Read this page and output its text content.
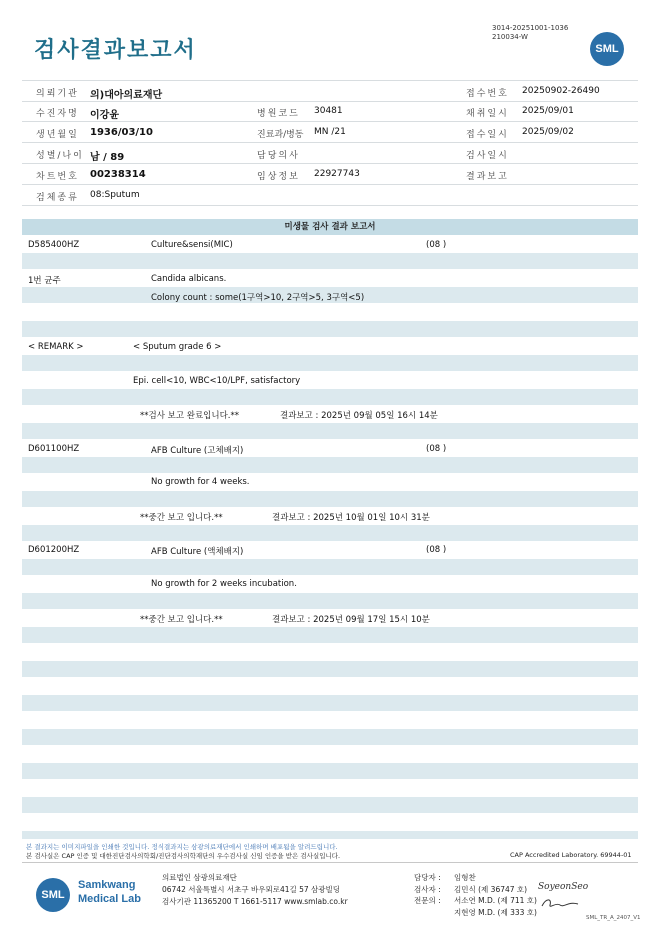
검사결과보고서
3014-20251001-1036
210034-W
SML
의뢰기관 의)대아의료재단	접수번호 20250902-26490
수진자명 이강윤	병원코드 30481	채취일시 2025/09/01
생년월일 1936/03/10	진료과/병동 MN /21	접수일시 2025/09/02
성별/나이 남 / 89	담당의사	검사일시
차트번호 00238314	임상정보 22927743	결과보고
검체종류 08:Sputum
미생물 검사 결과 보고서
D585400HZ	Culture&sensi(MIC)	(08 )
1번 균주	Candida albicans.
Colony count : some(1구역>10, 2구역>5, 3구역<5)
< REMARK >	< Sputum grade 6 >
Epi. cell<10, WBC<10/LPF, satisfactory
**검사 보고 완료입니다.**	결과보고 : 2025년 09월 05일 16시 14분
D601100HZ	AFB Culture (고체배지)	(08 )
No growth for 4 weeks.
**중간 보고 입니다.**	결과보고 : 2025년 10월 01일 10시 31분
D601200HZ	AFB Culture (액체배지)	(08 )
No growth for 2 weeks incubation.
**중간 보고 입니다.**	결과보고 : 2025년 09월 17일 15시 10분
본 결과지는 이미지파일을 인쇄한 것입니다. 정식결과지는 삼광의료재단에서 인쇄하며 배포됨을 알려드립니다.
본 검사실은 CAP 인증 및 대한진단검사의학회/진단검사의학재단의 우수검사실 신임 인증을 받은 검사실입니다.	CAP Accredited Laboratory. 69944-01
SML
Samkwang
Medical Lab
의료법인 삼광의료재단
06742 서울특별시 서초구 바우뫼로41길 57 삼광빌딩
검사기관 11365200 T 1661-5117 www.smlab.co.kr
담당자 : 임형찬
검사자 : 김민식 (제 36747 호)
전문의 : 서소연 M.D. (제 711 호)
지현영 M.D. (제 333 호)
SoyeonSeo
SML_TR_A_2407_V1
